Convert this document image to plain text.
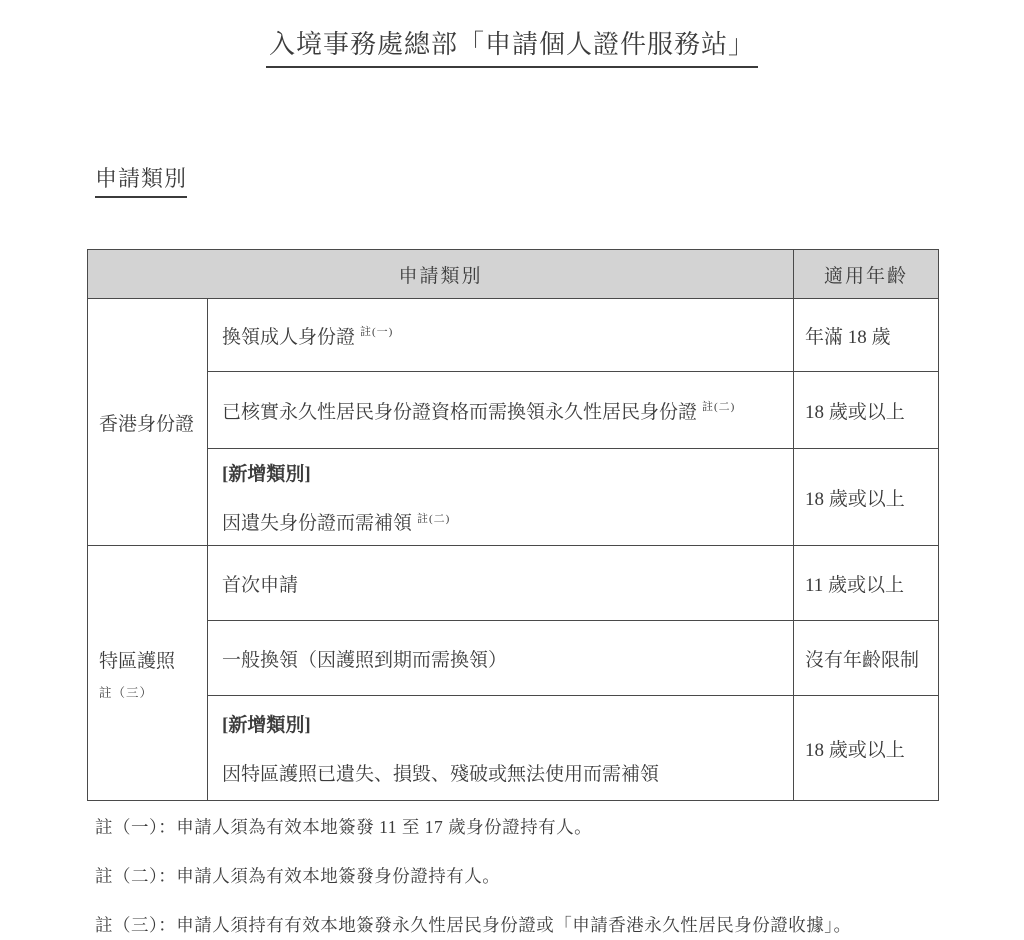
入境事務處總部「申請個人證件服務站」
申請類別
申請類別		適用年齡

香港身份證	換領成人身份證 $^{註(一)}$	年滿 18 歲
	已核實永久性居民身份證資格而需換領永久性居民身份證 $^{註(二)}$	18 歲或以上

	[新增類別]
因遺失身份證而需補領 $^{註(二)}$	18 歲或以上

特區護照
註（三）	首次申請	11 歲或以上
	一般換領（因護照到期而需換領）	沒有年齡限制

	[新增類別]
因特區護照已遺失、損毀、殘破或無法使用而需補領	18 歲或以上
註（一）：申請人須為有效本地簽發 11 至 17 歲身份證持有人。
註（二）：申請人須為有效本地簽發身份證持有人。
註（三）：申請人須持有有效本地簽發永久性居民身份證或「申請香港永久性居民身份證收據」。
